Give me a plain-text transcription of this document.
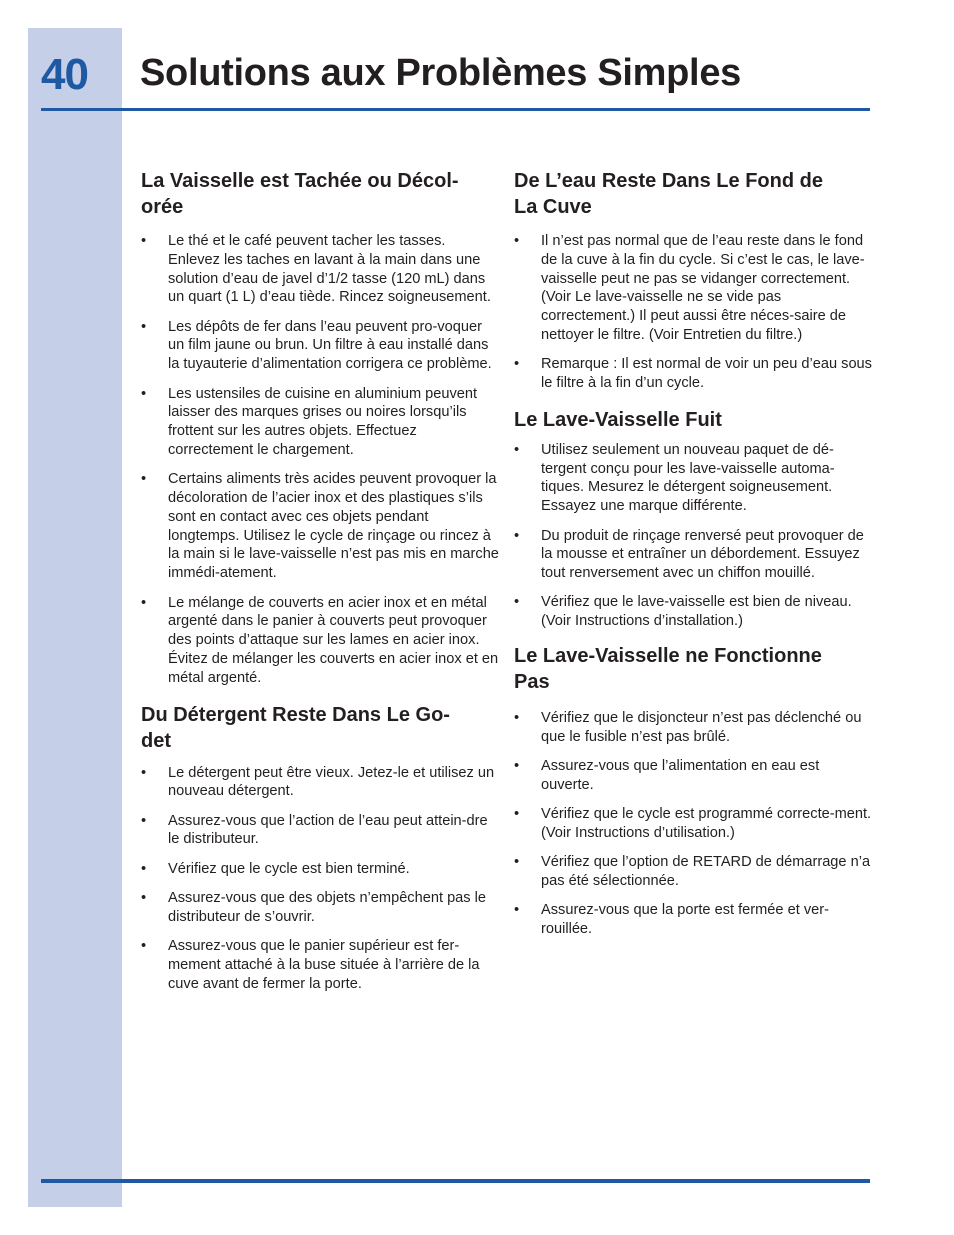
40 Solutions aux Problèmes Simples
La Vaisselle est Tachée ou Décol-
orée
• Le thé et le café peuvent tacher les tasses. Enlevez les taches en lavant à la main dans une solution d’eau de javel d’1/2 tasse (120 mL) dans un quart (1 L) d’eau tiède. Rincez soigneusement.
• Les dépôts de fer dans l’eau peuvent pro-voquer un film jaune ou brun. Un filtre à eau installé dans la tuyauterie d’alimentation corrigera ce problème.
• Les ustensiles de cuisine en aluminium peuvent laisser des marques grises ou noires lorsqu’ils frottent sur les autres objets. Effectuez correctement le chargement.
• Certains aliments très acides peuvent provoquer la décoloration de l’acier inox et des plastiques s’ils sont en contact avec ces objets pendant longtemps. Utilisez le cycle de rinçage ou rincez à la main si le lave-vaisselle n’est pas mis en marche immédi-atement.
• Le mélange de couverts en acier inox et en métal argenté dans le panier à couverts peut provoquer des points d’attaque sur les lames en acier inox. Évitez de mélanger les couverts en acier inox et en métal argenté.
Du Détergent Reste Dans Le Go-
det
• Le détergent peut être vieux. Jetez-le et utilisez un nouveau détergent.
• Assurez-vous que l’action de l’eau peut attein-dre le distributeur.
• Vérifiez que le cycle est bien terminé.
• Assurez-vous que des objets n’empêchent pas le distributeur de s’ouvrir.
• Assurez-vous que le panier supérieur est fer-mement attaché à la buse située à l’arrière de la cuve avant de fermer la porte.
De L’eau Reste Dans Le Fond de
La Cuve
• Il n’est pas normal que de l’eau reste dans le fond de la cuve à la fin du cycle. Si c’est le cas, le lave-vaisselle peut ne pas se vidanger correctement. (Voir Le lave-vaisselle ne se vide pas correctement.) Il peut aussi être néces-saire de nettoyer le filtre. (Voir Entretien du filtre.)
• Remarque : Il est normal de voir un peu d’eau sous le filtre à la fin d’un cycle.
Le Lave-Vaisselle Fuit
• Utilisez seulement un nouveau paquet de dé-tergent conçu pour les lave-vaisselle automa-tiques. Mesurez le détergent soigneusement. Essayez une marque différente.
• Du produit de rinçage renversé peut provoquer de la mousse et entraîner un débordement. Essuyez tout renversement avec un chiffon mouillé.
• Vérifiez que le lave-vaisselle est bien de niveau. (Voir Instructions d’installation.)
Le Lave-Vaisselle ne Fonctionne
Pas
• Vérifiez que le disjoncteur n’est pas déclenché ou que le fusible n’est pas brûlé.
• Assurez-vous que l’alimentation en eau est ouverte.
• Vérifiez que le cycle est programmé correcte-ment. (Voir Instructions d’utilisation.)
• Vérifiez que l’option de RETARD de démarrage n’a pas été sélectionnée.
• Assurez-vous que la porte est fermée et ver-rouillée.
